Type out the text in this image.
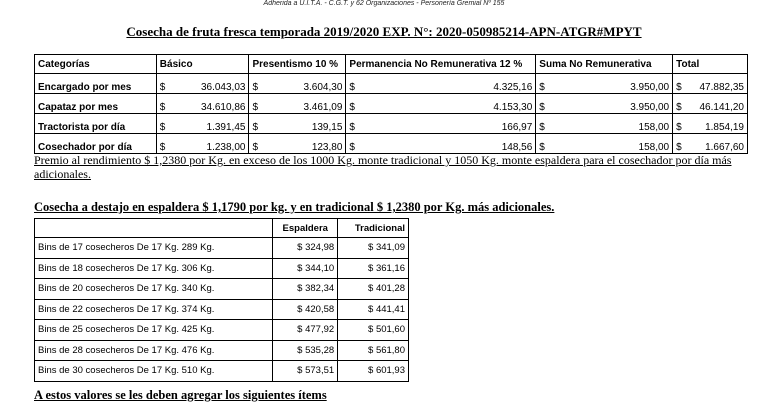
Adherida a U.I.T.A. - C.G.T. y 62 Organizaciones - Personería Gremial Nº 155
Cosecha de fruta fresca temporada 2019/2020 EXP. N°: 2020-050985214-APN-ATGR#MPYT
Categorías	Básico	Presentismo 10 %	Permanencia No Remunerativa 12 %	Suma No Remunerativa	Total
Encargado por mes	$ 36.043,03	$ 3.604,30	$ 4.325,16	$ 3.950,00	$ 47.882,35

Capataz por mes	$ 34.610,86	$ 3.461,09	$ 4.153,30	$ 3.950,00	$ 46.141,20

Tractorista por día	$ 1.391,45	$ 139,15	$ 166,97	$ 158,00	$ 1.854,19

Cosechador por día	$ 1.238,00	$ 123,80	$ 148,56	$ 158,00	$ 1.667,60
Premio al rendimiento $ 1,2380 por Kg. en exceso de los 1000 Kg. monte tradicional y 1050 Kg. monte espaldera para el cosechador por día más adicionales.
Cosecha a destajo en espaldera $ 1,1790 por kg. y en tradicional $ 1,2380 por Kg. más adicionales.
	Espaldera	Tradicional
Bins de 17 cosecheros De 17 Kg. 289 Kg.	$ 324,98	$ 341,09
Bins de 18 cosecheros De 17 Kg. 306 Kg.	$ 344,10	$ 361,16
Bins de 20 cosecheros De 17 Kg. 340 Kg.	$ 382,34	$ 401,28
Bins de 22 cosecheros De 17 Kg. 374 Kg.	$ 420,58	$ 441,41
Bins de 25 cosecheros De 17 Kg. 425 Kg.	$ 477,92	$ 501,60
Bins de 28 cosecheros De 17 Kg. 476 Kg.	$ 535,28	$ 561,80
Bins de 30 cosecheros De 17 Kg. 510 Kg.	$ 573,51	$ 601,93
A estos valores se les deben agregar los siguientes ítems
